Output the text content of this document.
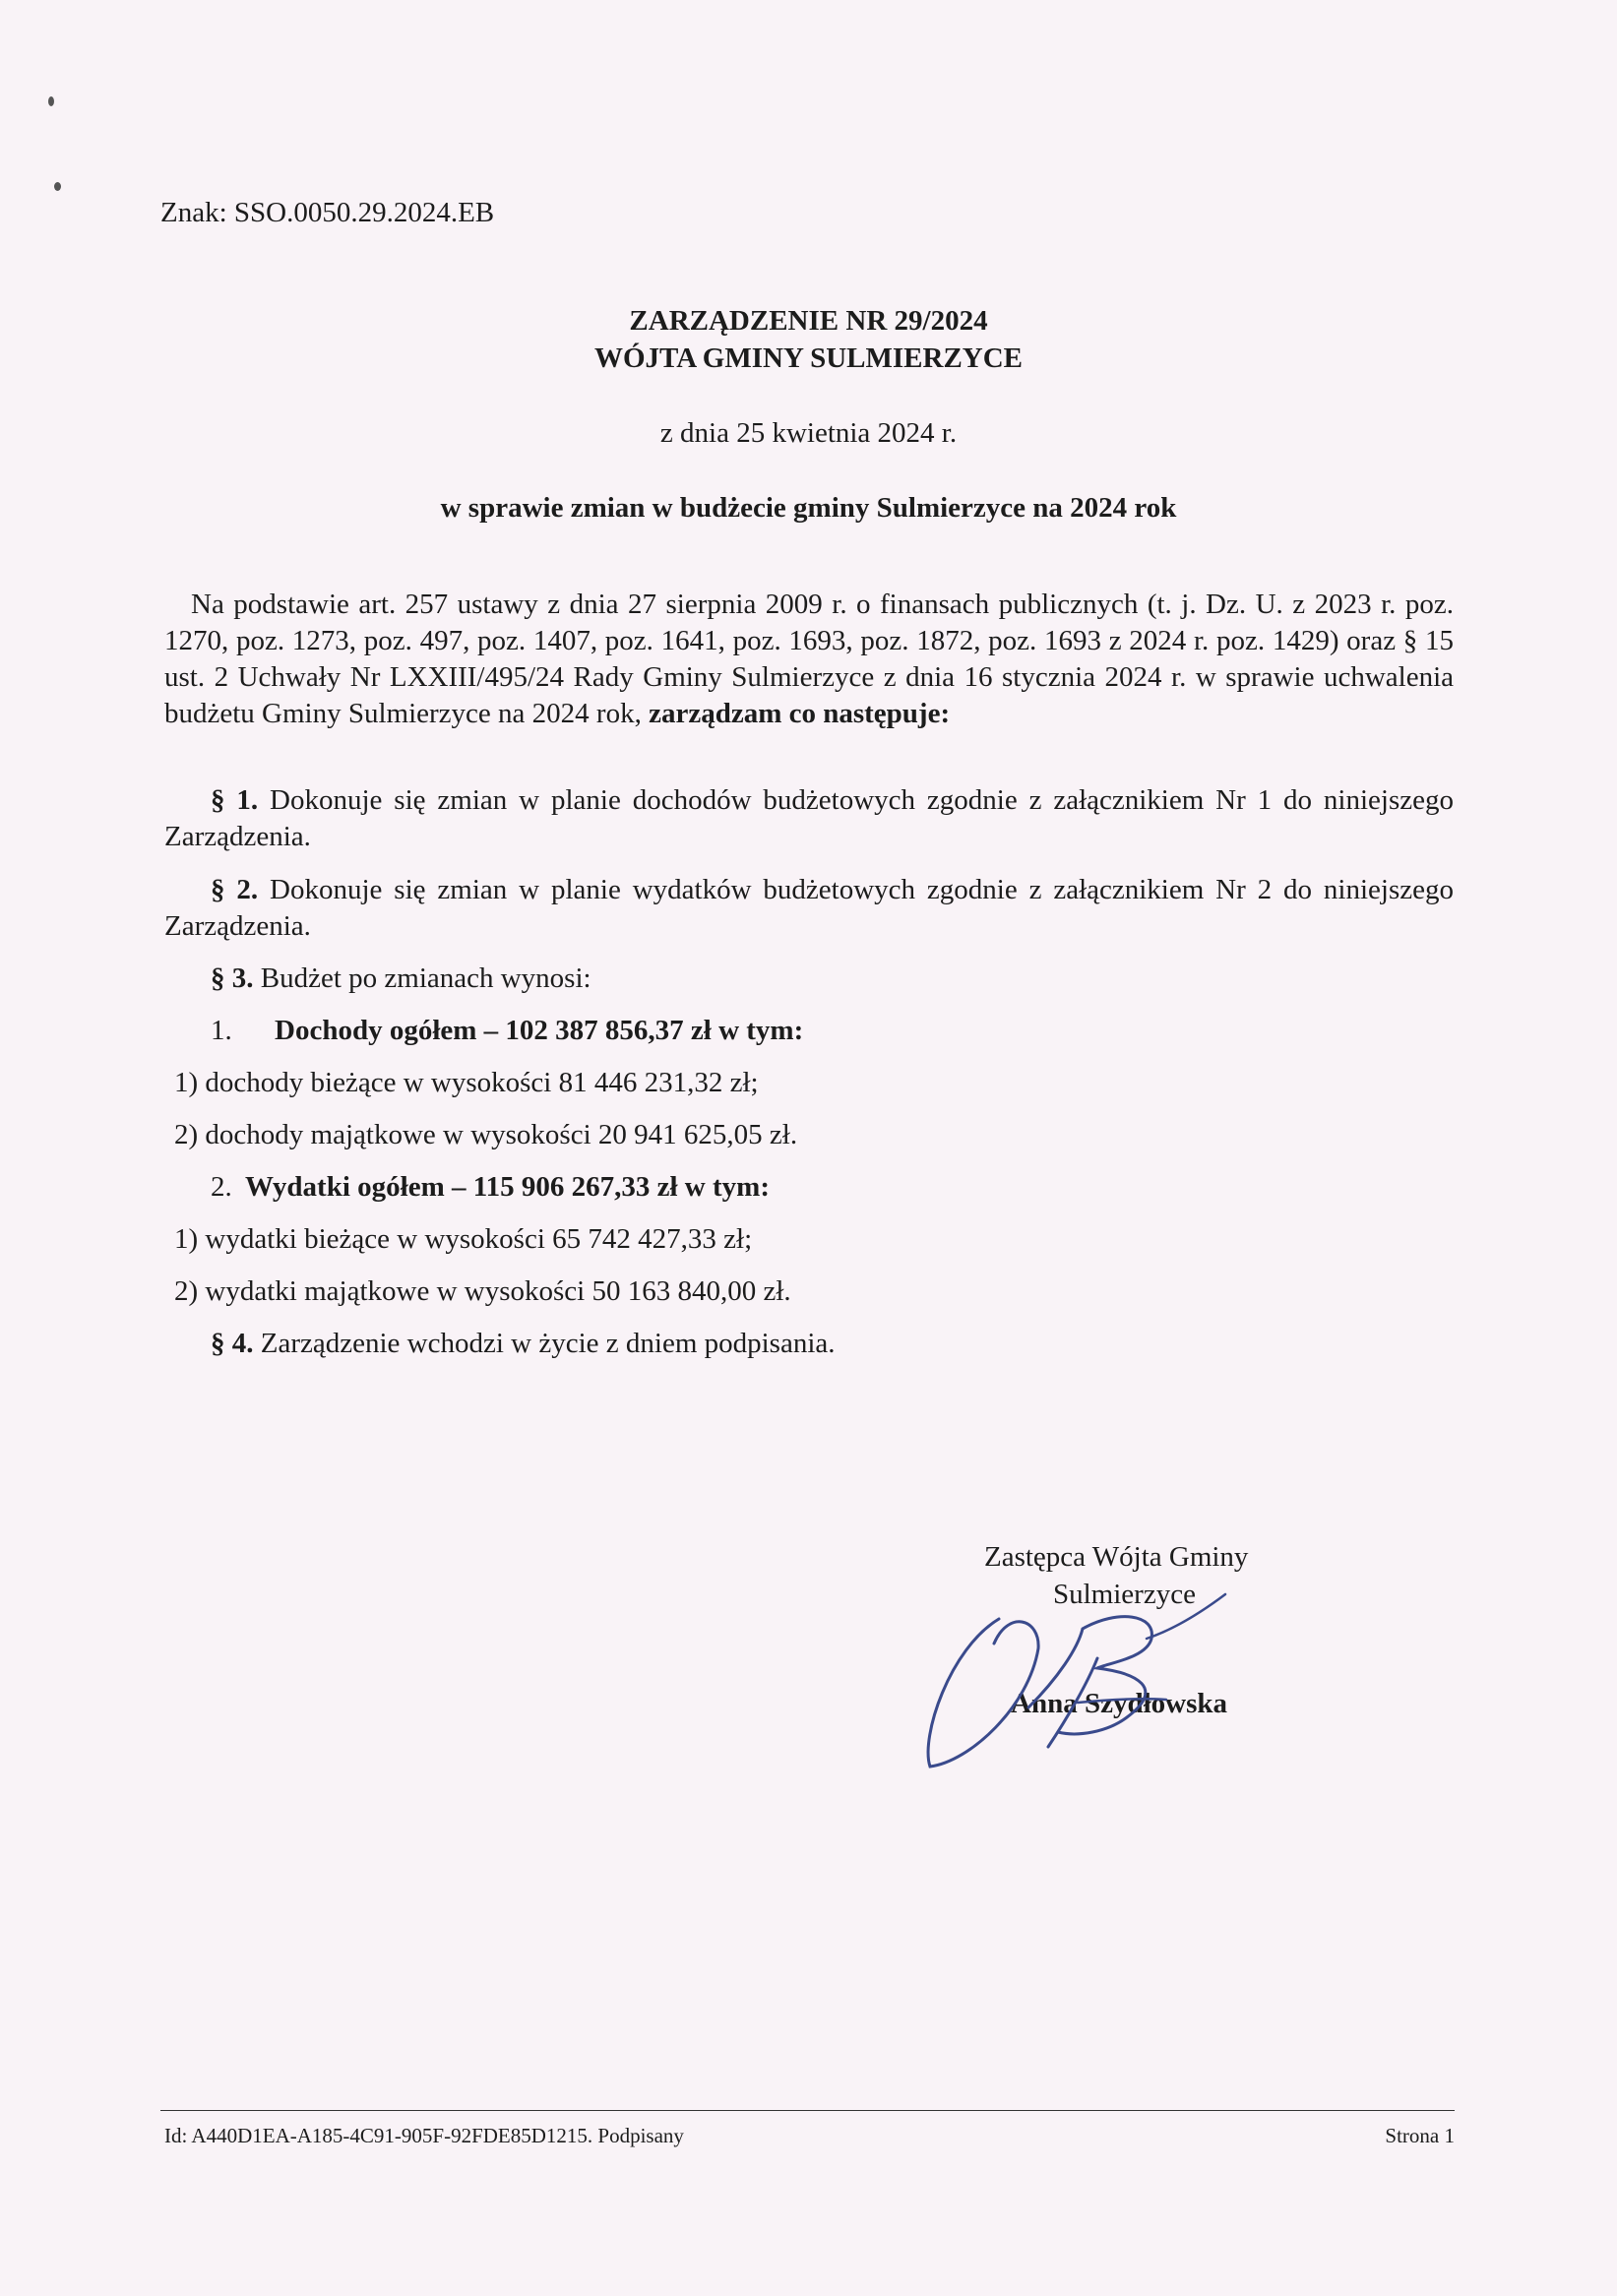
Znak: SSO.0050.29.2024.EB
ZARZĄDZENIE NR 29/2024
WÓJTA GMINY SULMIERZYCE
z dnia 25 kwietnia 2024 r.
w sprawie zmian w budżecie gminy Sulmierzyce na 2024 rok
Na podstawie art. 257 ustawy z dnia 27 sierpnia 2009 r. o finansach publicznych (t. j. Dz. U. z 2023 r. poz. 1270, poz. 1273, poz. 497, poz. 1407, poz. 1641, poz. 1693, poz. 1872, poz. 1693 z 2024 r. poz. 1429) oraz § 15 ust. 2 Uchwały Nr LXXIII/495/24 Rady Gminy Sulmierzyce z dnia 16 stycznia 2024 r. w sprawie uchwalenia budżetu Gminy Sulmierzyce na 2024 rok, zarządzam co następuje:
§ 1. Dokonuje się zmian w planie dochodów budżetowych zgodnie z załącznikiem Nr 1 do niniejszego Zarządzenia.
§ 2. Dokonuje się zmian w planie wydatków budżetowych zgodnie z załącznikiem Nr 2 do niniejszego Zarządzenia.
§ 3. Budżet po zmianach wynosi:
1. Dochody ogółem – 102 387 856,37 zł w tym:
1) dochody bieżące w wysokości 81 446 231,32 zł;
2) dochody majątkowe w wysokości 20 941 625,05 zł.
2. Wydatki ogółem – 115 906 267,33 zł w tym:
1) wydatki bieżące w wysokości 65 742 427,33 zł;
2) wydatki majątkowe w wysokości 50 163 840,00 zł.
§ 4. Zarządzenie wchodzi w życie z dniem podpisania.
Zastępca Wójta Gminy
Sulmierzyce
Anna Szydłowska
Id: A440D1EA-A185-4C91-905F-92FDE85D1215. Podpisany	Strona 1
